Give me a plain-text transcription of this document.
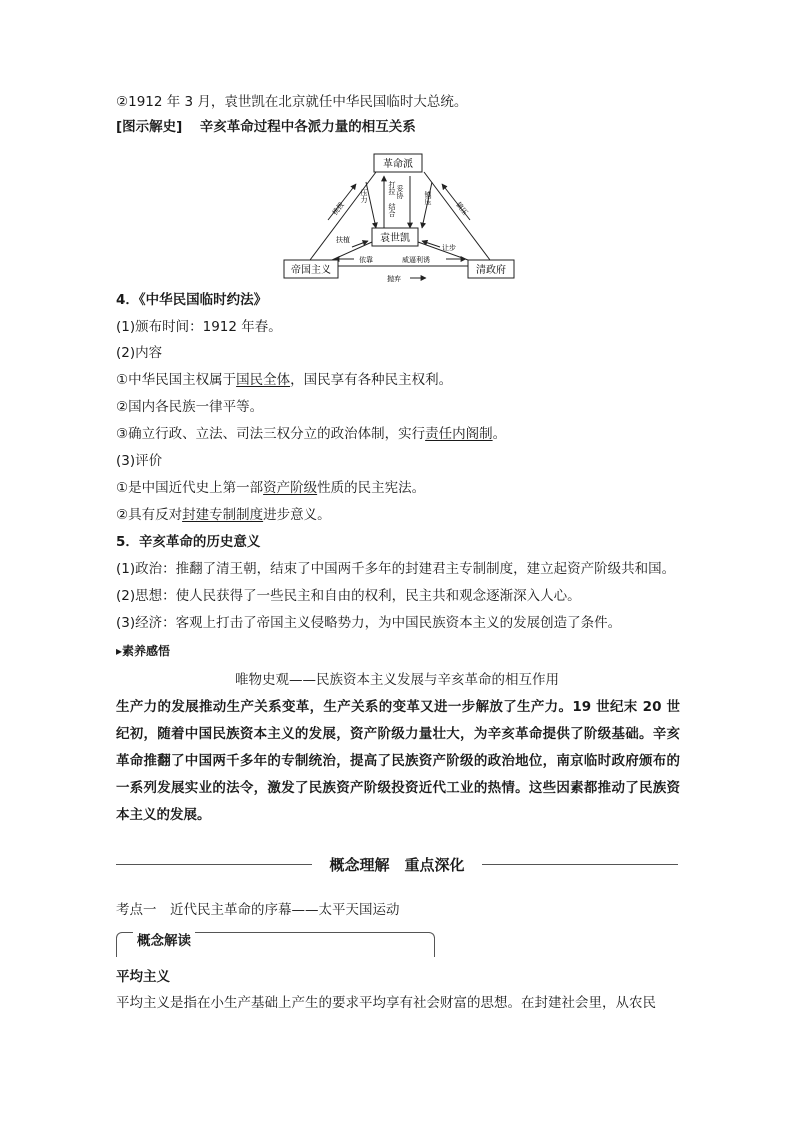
②1912 年 3 月，袁世凯在北京就任中华民国临时大总统。
[图示解史] 辛亥革命过程中各派力量的相互关系
革命派
袁世凯
帝国主义	清政府
挑拨	镇压
妥协
打拉
结合
压力	镇压
扶植
让步
依靠	威逼利诱
抛弃
4．《中华民国临时约法》
(1)颁布时间：1912 年春。
(2)内容
①中华民国主权属于国民全体，国民享有各种民主权利。
②国内各民族一律平等。
③确立行政、立法、司法三权分立的政治体制，实行责任内阁制。
(3)评价
①是中国近代史上第一部资产阶级性质的民主宪法。
②具有反对封建专制制度进步意义。
5．辛亥革命的历史意义
(1)政治：推翻了清王朝，结束了中国两千多年的封建君主专制制度，建立起资产阶级共和国。
(2)思想：使人民获得了一些民主和自由的权利，民主共和观念逐渐深入人心。
(3)经济：客观上打击了帝国主义侵略势力，为中国民族资本主义的发展创造了条件。
▸素养感悟
唯物史观——民族资本主义发展与辛亥革命的相互作用
生产力的发展推动生产关系变革，生产关系的变革又进一步解放了生产力。19 世纪末 20 世纪初，随着中国民族资本主义的发展，资产阶级力量壮大，为辛亥革命提供了阶级基础。辛亥革命推翻了中国两千多年的专制统治，提高了民族资产阶级的政治地位，南京临时政府颁布的一系列发展实业的法令，激发了民族资产阶级投资近代工业的热情。这些因素都推动了民族资本主义的发展。
概念理解　重点深化
考点一　近代民主革命的序幕——太平天国运动
概念解读
平均主义
平均主义是指在小生产基础上产生的要求平均享有社会财富的思想。在封建社会里，从农民
